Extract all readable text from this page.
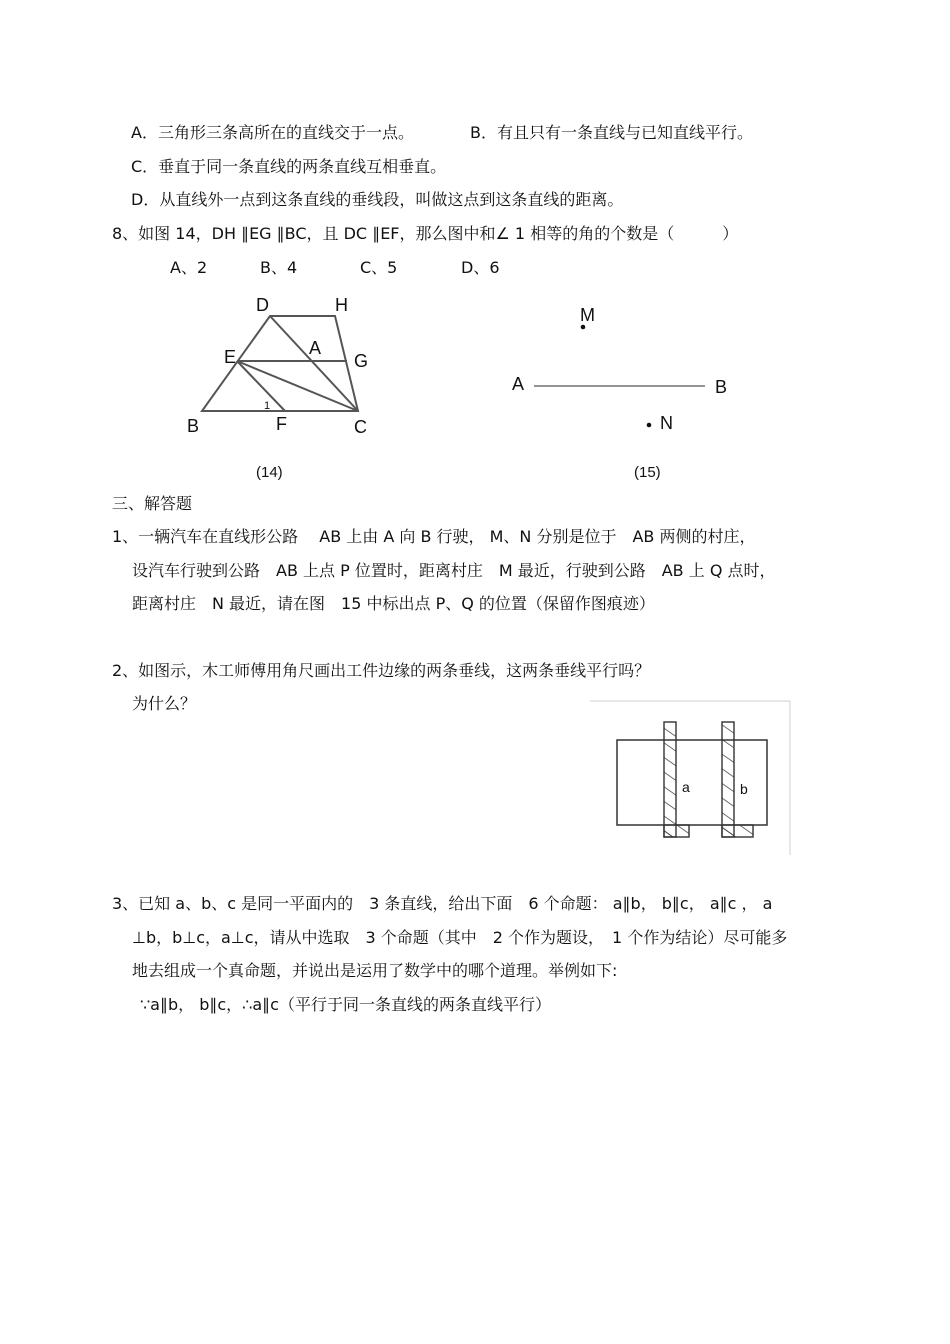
A．三角形三条高所在的直线交于一点。	B．有且只有一条直线与已知直线平行。
C．垂直于同一条直线的两条直线互相垂直。
D．从直线外一点到这条直线的垂线段，叫做这点到这条直线的距离。
8、如图 14，DH ∥EG ∥BC，且 DC ∥EF，那么图中和∠ 1 相等的角的个数是（　　　）
A、2	B、4	C、5	D、6
D	H
E	A
G
B	F	C
1
(14)
M
A	B
N
(15)
三、解答题
1、一辆汽车在直线形公路　 AB 上由 A 向 B 行驶， M、N 分别是位于　AB 两侧的村庄，
设汽车行驶到公路　AB 上点 P 位置时，距离村庄　M 最近，行驶到公路　AB 上 Q 点时，
距离村庄　N 最近，请在图　15 中标出点 P、Q 的位置（保留作图痕迹）
2、如图示，木工师傅用角尺画出工件边缘的两条垂线，这两条垂线平行吗？
为什么？
a	b
3、已知 a、b、c 是同一平面内的　3 条直线，给出下面　6 个命题： a∥b， b∥c， a∥c ， a
⊥b，b⊥c，a⊥c，请从中选取　3 个命题（其中　2 个作为题设，　1 个作为结论）尽可能多
地去组成一个真命题，并说出是运用了数学中的哪个道理。举例如下:
∵a∥b， b∥c，∴a∥c（平行于同一条直线的两条直线平行）
